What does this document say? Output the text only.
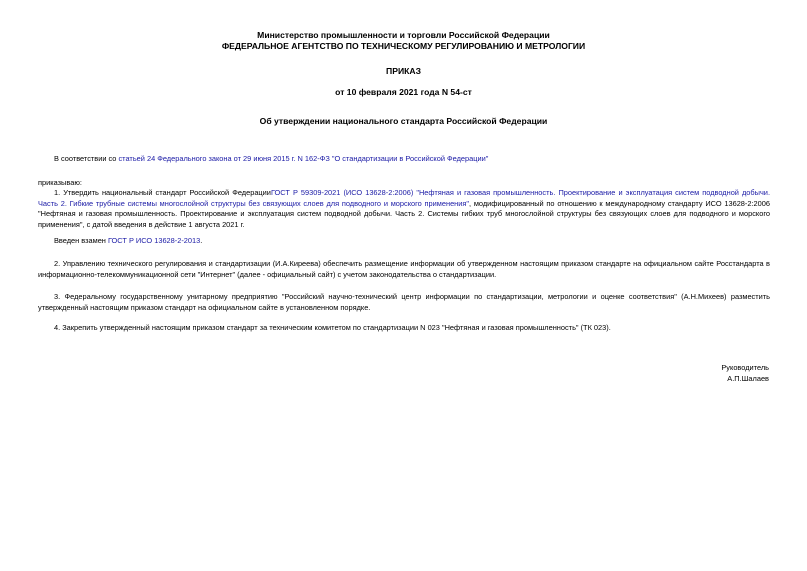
Министерство промышленности и торговли Российской Федерации
ФЕДЕРАЛЬНОЕ АГЕНТСТВО ПО ТЕХНИЧЕСКОМУ РЕГУЛИРОВАНИЮ И МЕТРОЛОГИИ
ПРИКАЗ
от 10 февраля 2021 года N 54-ст
Об утверждении национального стандарта Российской Федерации
В соответствии со статьей 24 Федерального закона от 29 июня 2015 г. N 162-ФЗ "О стандартизации в Российской Федерации"
приказываю:
1. Утвердить национальный стандарт Российской ФедерацииГОСТ Р 59309-2021 (ИСО 13628-2:2006) "Нефтяная и газовая промышленность. Проектирование и эксплуатация систем подводной добычи. Часть 2. Гибкие трубные системы многослойной структуры без связующих слоев для подводного и морского применения", модифицированный по отношению к международному стандарту ИСО 13628-2:2006 "Нефтяная и газовая промышленность. Проектирование и эксплуатация систем подводной добычи. Часть 2. Системы гибких труб многослойной структуры без связующих слоев для подводного и морского применения", с датой введения в действие 1 августа 2021 г.
Введен взамен ГОСТ Р ИСО 13628-2-2013.
2. Управлению технического регулирования и стандартизации (И.А.Киреева) обеспечить размещение информации об утвержденном настоящим приказом стандарте на официальном сайте Росстандарта в информационно-телекоммуникационной сети "Интернет" (далее - официальный сайт) с учетом законодательства о стандартизации.
3. Федеральному государственному унитарному предприятию "Российский научно-технический центр информации по стандартизации, метрологии и оценке соответствия" (А.Н.Михеев) разместить утвержденный настоящим приказом стандарт на официальном сайте в установленном порядке.
4. Закрепить утвержденный настоящим приказом стандарт за техническим комитетом по стандартизации N 023 "Нефтяная и газовая промышленность" (ТК 023).
Руководитель
А.П.Шалаев
